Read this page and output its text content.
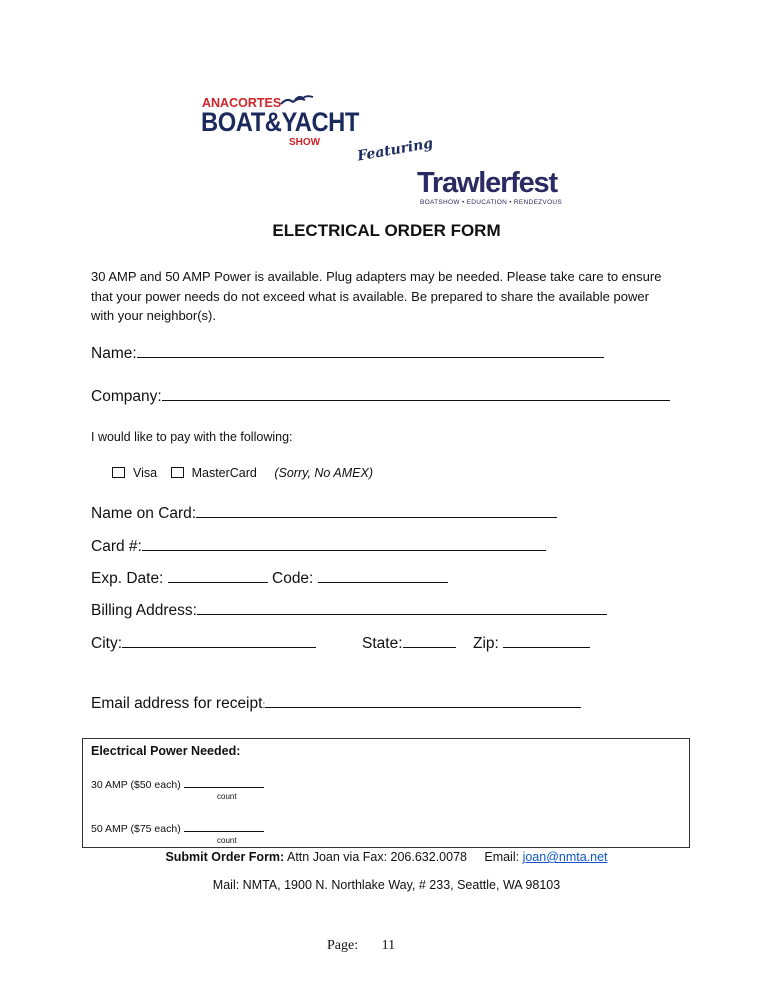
ANACORTES
BOAT&YACHT
SHOW	Featuring
Trawlerfest
BOATSHOW • EDUCATION • RENDEZVOUS
ELECTRICAL ORDER FORM
30 AMP and 50 AMP Power is available. Plug adapters may be needed. Please take care to ensure that your power needs do not exceed what is available. Be prepared to share the available power with your neighbor(s).
Name:
Company:
I would like to pay with the following:
Visa	MasterCard (Sorry, No AMEX)
Name on Card:
Card #:
Exp. Date:	Code:
Billing Address:
City:	State:	Zip:
Email address for receipt:
Electrical Power Needed:
30 AMP ($50 each)
count
50 AMP ($75 each)
count
Submit Order Form: Attn Joan via Fax: 206.632.0078     Email: joan@nmta.net
Mail: NMTA, 1900 N. Northlake Way, # 233, Seattle, WA 98103
Page: 11
